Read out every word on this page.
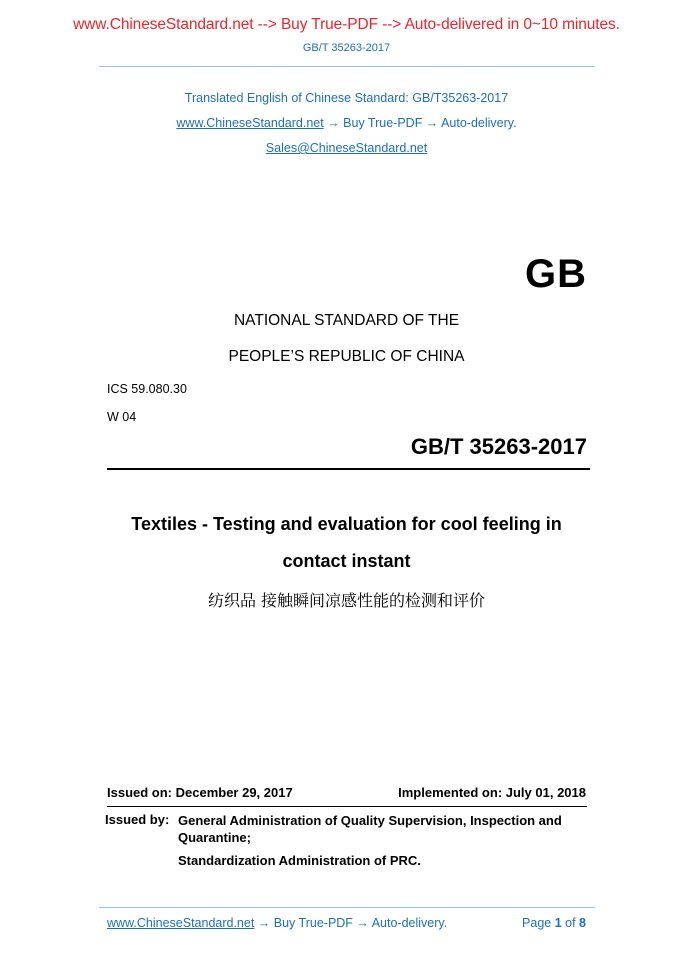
www.ChineseStandard.net --> Buy True-PDF --> Auto-delivered in 0~10 minutes.
GB/T 35263-2017
Translated English of Chinese Standard: GB/T35263-2017
www.ChineseStandard.net → Buy True-PDF → Auto-delivery.
Sales@ChineseStandard.net
GB
NATIONAL STANDARD OF THE
PEOPLE’S REPUBLIC OF CHINA
ICS 59.080.30
W 04
GB/T 35263-2017
Textiles - Testing and evaluation for cool feeling in
contact instant
纺织品 接触瞬间凉感性能的检测和评价
Issued on: December 29, 2017	Implemented on: July 01, 2018
Issued by: General Administration of Quality Supervision, Inspection and Quarantine;
Standardization Administration of PRC.
www.ChineseStandard.net → Buy True-PDF → Auto-delivery.	Page 1 of 8
